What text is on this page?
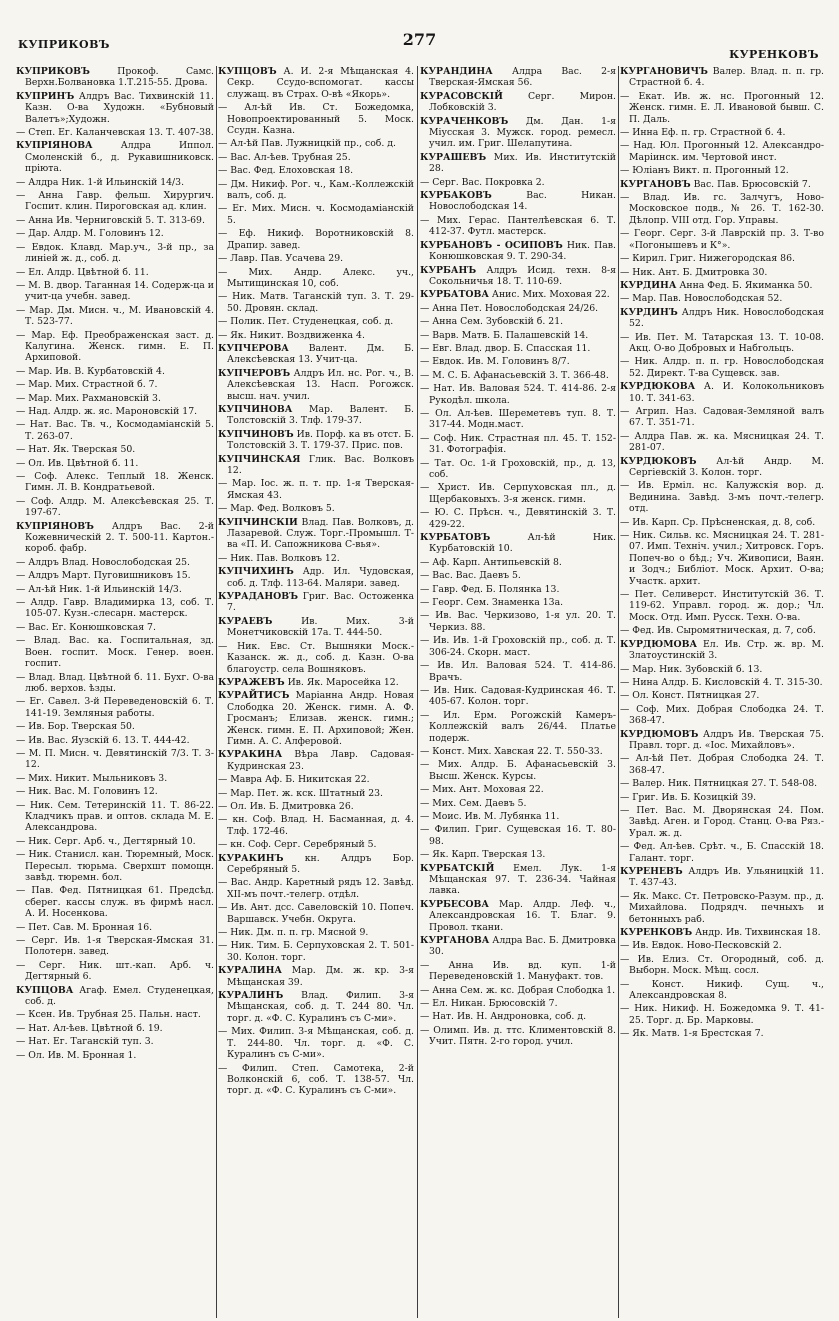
КУПРИКОВЪ	277
КУРЕНКОВЪ
КУПРИКОВЪ Прокоф. Самс. Верхн.Болвановка 1.Т.215-55. Дрова.
КУПРИНЪ Алдръ Вас. Тихвинскій 11. Казн. О-ва Художн. «Бубновый Валетъ»;Художн.
— Степ. Ег. Каланчевская 13. Т. 407-38.
КУПРІЯНОВА Алдра Иппол. Смоленскій б., д. Рукавишниковск. пріюта.
— Алдра Ник. 1-й Ильинскій 14/3.
— Анна Гавр. фельш. Хирургич. Госпит. клин. Пироговская ад. клин.
— Анна Ив. Черниговскій 5. Т. 313-69.
— Дар. Алдр. М. Головинъ 12.
— Евдок. Клавд. Мар.уч., 3-й пр., за линіей ж. д., соб. д.
— Ел. Алдр. Цвѣтной б. 11.
— М. В. двор. Таганная 14. Содерж-ца и учит-ца учебн. завед.
— Мар. Дм. Мисн. ч., М. Ивановскій 4. Т. 523-77.
— Мар. Еф. Преображенская заст. д. Калугина. Женск. гимн. Е. П. Архиповой.
— Мар. Ив. В. Курбатовскій 4.
— Мар. Мих. Страстной б. 7.
— Мар. Мих. Рахмановскій 3.
— Над. Алдр. ж. яс. Мароновскій 17.
— Нат. Вас. Тв. ч., Космодаміанскій 5. Т. 263-07.
— Нат. Як. Тверская 50.
— Ол. Ив. Цвѣтной б. 11.
— Соф. Алекс. Теплый 18. Женск. Гимн. Л. В. Кондратьевой.
— Соф. Алдр. М. Алексѣевская 25. Т. 197-67.
КУПРІЯНОВЪ Алдръ Вас. 2-й Кожевническій 2. Т. 500-11. Картон.-короб. фабр.
— Алдръ Влад. Новослободская 25.
— Алдръ Март. Пуговишниковъ 15.
— Ал-ѣй Ник. 1-й Ильинскій 14/3.
— Алдр. Гавр. Владимирка 13, соб. Т. 105-07. Кузн.-слесарн. мастерск.
— Вас. Ег. Конюшковская 7.
— Влад. Вас. ка. Госпитальная, зд. Воен. госпит. Моск. Генер. воен. госпит.
— Влад. Влад. Цвѣтной б. 11. Бухг. О-ва люб. верхов. ѣзды.
— Ег. Савел. 3-й Переведеновскій 6. Т. 141-19. Земляныя работы.
— Ив. Бор. Тверская 50.
— Ив. Вас. Яузскій 6. 13. Т. 444-42.
— М. П. Мисн. ч. Девятинскій 7/3. Т. 3-12.
— Мих. Никит. Мыльниковъ 3.
— Ник. Вас. М. Головинъ 12.
— Ник. Сем. Тетеринскій 11. Т. 86-22. Кладчикъ прав. и оптов. склада М. Е. Александрова.
— Ник. Серг. Арб. ч., Дегтярный 10.
— Ник. Станисл. кан. Тюремный, Моск. Пересыл. тюрьма. Сверхшт помощн. завѣд. тюремн. бол.
— Пав. Фед. Пятницкая 61. Предсѣд. сберег. кассы служ. въ фирмѣ насл. А. И. Носенкова.
— Пет. Сав. М. Бронная 16.
— Серг. Ив. 1-я Тверская-Ямская 31. Полотерн. завед.
— Серг. Ник. шт.-кап. Арб. ч. Дегтярный 6.
КУПЦОВА Агаф. Емел. Студенецкая, соб. д.
— Ксен. Ив. Трубная 25. Пальн. наст.
— Нат. Ал-ѣев. Цвѣтной б. 19.
— Нат. Ег. Таганскій туп. 3.
— Ол. Ив. М. Бронная 1.
КУПЦОВЪ А. И. 2-я Мѣщанская 4. Секр. Ссудо-вспомогат. кассы служащ. въ Страх. О-вѣ «Якорь».
— Ал-ѣй Ив. Ст. Божедомка, Новопроектированный 5. Моск. Ссудн. Казна.
— Ал-ѣй Пав. Лужницкій пр., соб. д.
— Вас. Ал-ѣев. Трубная 25.
— Вас. Фед. Елоховская 18.
— Дм. Никиф. Рог. ч., Кам.-Коллежскій валъ, соб. д.
— Ег. Мих. Мисн. ч. Космодаміанскій 5.
— Еф. Никиф. Воротниковскій 8. Драпир. завед.
— Лавр. Пав. Усачева 29.
— Мих. Андр. Алекс. уч., Мытищинская 10, соб.
— Ник. Матв. Таганскій туп. 3. Т. 29-50. Дровян. склад.
— Полик. Пет. Студенецкая, соб. д.
— Як. Никит. Воздвиженка 4.
КУПЧЕРОВА Валент. Дм. Б. Алексѣевская 13. Учит-ца.
КУПЧЕРОВЪ Алдръ Ил. нс. Рог. ч., В. Алексѣевская 13. Насп. Рогожск. высш. нач. учил.
КУПЧИНОВА Мар. Валент. Б. Толстовскій 3. Тлф. 179-37.
КУПЧИНОВЪ Ив. Порф. ка въ отст. Б. Толстовскій 3. Т. 179-37. Прис. пов.
КУПЧИНСКАЯ Глик. Вас. Волковъ 12.
— Мар. Іос. ж. п. т. пр. 1-я Тверская-Ямская 43.
— Мар. Фед. Волковъ 5.
КУПЧИНСКІИ Влад. Пав. Волковъ, д. Лазаревой. Служ. Торг.-Промышл. Т-ва «П. И. Сапожникова С-вья».
— Ник. Пав. Волковъ 12.
КУПЧИХИНЪ Адр. Ил. Чудовская, соб. д. Тлф. 113-64. Маляри. завед.
КУРАДАНОВЪ Григ. Вас. Остоженка 7.
КУРАЕВЪ Ив. Мих. 3-й Монетчиковскій 17а. Т. 444-50.
— Ник. Евс. Ст. Вышняки Моск.-Казанск. ж. д., соб. д. Казн. О-ва благоустр. села Вошняковъ.
КУРАЖЕВЪ Ив. Як. Маросейка 12.
КУРАЙТИСЪ Маріанна Андр. Новая Слободка 20. Женск. гимн. А. Ф. Гросманъ; Елизав. женск. гимн.; Женск. гимн. Е. П. Архиповой; Жен. Гимн. А. С. Алферовой.
КУРАКИНА Вѣра Лавр. Садовая-Кудринская 23.
— Мавра Аф. Б. Никитская 22.
— Мар. Пет. ж. кск. Штатный 23.
— Ол. Ив. Б. Дмитровка 26.
— кн. Соф. Влад. Н. Басманная, д. 4. Тлф. 172-46.
— кн. Соф. Серг. Серебряный 5.
КУРАКИНЪ кн. Алдръ Бор. Серебряный 5.
— Вас. Андр. Каретный рядъ 12. Завѣд. XII-мъ почт.-телегр. отдѣл.
— Ив. Ант. дсс. Савеловскій 10. Попеч. Варшавск. Учебн. Округа.
— Ник. Дм. п. п. гр. Мясной 9.
— Ник. Тим. Б. Серпуховская 2. Т. 501-30. Колон. торг.
КУРАЛИНА Мар. Дм. ж. кр. 3-я Мѣщанская 39.
КУРАЛИНЪ Влад. Филип. 3-я Мѣщанская, соб. д. Т. 244 80. Чл. торг. д. «Ф. С. Куралинъ съ С-ми».
— Мих. Филип. 3-я Мѣщанская, соб. д. Т. 244-80. Чл. торг. д. «Ф. С. Куралинъ съ С-ми».
— Филип. Степ. Самотека, 2-й Волконскій 6, соб. Т. 138-57. Чл. торг. д. «Ф. С. Куралинъ съ С-ми».
КУРАНДИНА Алдра Вас. 2-я Тверская-Ямская 56.
КУРАСОВСКІЙ Серг. Мирон. Лобковскій 3.
КУРАЧЕНКОВЪ Дм. Дан. 1-я Міусская 3. Мужск. город. ремесл. учил. им. Григ. Шелапутина.
КУРАШЕВЪ Мих. Ив. Институтскій 28.
— Серг. Вас. Покровка 2.
КУРБАКОВЪ Вас. Никан. Новослободская 14.
— Мих. Герас. Пантелѣевская 6. Т. 412-37. Футл. мастерск.
КУРБАНОВЪ - ОСИПОВЪ Ник. Пав. Конюшковская 9. Т. 290-34.
КУРБАНЪ Алдръ Исид. техн. 8-я Сокольничья 18. Т. 110-69.
КУРБАТОВА Анис. Мих. Моховая 22.
— Анна Пет. Новослободская 24/26.
— Анна Сем. Зубовскій б. 21.
— Варв. Матв. Б. Палашевскій 14.
— Евг. Влад. двор. Б. Спасская 11.
— Евдок. Ив. М. Головинъ 8/7.
— М. С. Б. Афанасьевскій 3. Т. 366-48.
— Нат. Ив. Валовая 524. Т. 414-86. 2-я Рукодѣл. школа.
— Ол. Ал-ѣев. Шереметевъ туп. 8. Т. 317-44. Модн.маст.
— Соф. Ник. Страстная пл. 45. Т. 152-31. Фотографія.
— Тат. Ос. 1-й Гроховскій, пр., д. 13, соб.
— Христ. Ив. Серпуховская пл., д. Щербаковыхъ. 3-я женск. гимн.
— Ю. С. Прѣсн. ч., Девятинскій 3. Т. 429-22.
КУРБАТОВЪ Ал-ѣй Ник. Курбатовскій 10.
— Аф. Карп. Антипьевскій 8.
— Вас. Вас. Даевъ 5.
— Гавр. Фед. Б. Полянка 13.
— Георг. Сем. Знаменка 13а.
— Ив. Вас. Черкизово, 1-я ул. 20. Т. Черкиз. 88.
— Ив. Ив. 1-й Гроховскій пр., соб. д. Т. 306-24. Скорн. маст.
— Ив. Ил. Валовая 524. Т. 414-86. Врачъ.
— Ив. Ник. Садовая-Кудринская 46. Т. 405-67. Колон. торг.
— Ил. Ерм. Рогожскій Камеръ-Коллежскій валъ 26/44. Платье подерж.
— Конст. Мих. Хавская 22. Т. 550-33.
— Мих. Алдр. Б. Афанасьевскій 3. Высш. Женск. Курсы.
— Мих. Ант. Моховая 22.
— Мих. Сем. Даевъ 5.
— Моис. Ив. М. Лубянка 11.
— Филип. Григ. Сущевская 16. Т. 80-98.
— Як. Карп. Тверская 13.
КУРБАТСКІЙ Емел. Лук. 1-я Мѣщанская 97. Т. 236-34. Чайная лавка.
КУРБЕСОВА Мар. Алдр. Леф. ч., Александровская 16. Т. Благ. 9. Провол. ткани.
КУРГАНОВА Алдра Вас. Б. Дмитровка 30.
— Анна Ив. вд. куп. 1-й Переведеновскій 1. Мануфакт. тов.
— Анна Сем. ж. кс. Добрая Слободка 1.
— Ел. Никан. Брюсовскій 7.
— Нат. Ив. Н. Андроновка, соб. д.
— Олимп. Ив. д. ттс. Климентовскій 8. Учит. Пятн. 2-го город. учил.
КУРГАНОВИЧЪ Валер. Влад. п. п. гр. Страстной б. 4.
— Екат. Ив. ж. нс. Прогонный 12. Женск. гимн. Е. Л. Ивановой бывш. С. П. Даль.
— Инна Еф. п. гр. Страстной б. 4.
— Над. Юл. Прогонный 12. Александро-Маріинск. им. Чертовой инст.
— Юліанъ Викт. п. Прогонный 12.
КУРГАНОВЪ Вас. Пав. Брюсовскій 7.
— Влад. Ив. гс. Залчугъ, Ново-Московское подв., № 26. Т. 162-30. Дѣлопр. VIII отд. Гор. Управы.
— Георг. Серг. 3-й Лаврскій пр. 3. Т-во «Погонышевъ и К°».
— Кирил. Григ. Нижегородская 86.
— Ник. Ант. Б. Дмитровка 30.
КУРДИНА Анна Фед. Б. Якиманка 50.
— Мар. Пав. Новослободская 52.
КУРДИНЪ Алдръ Ник. Новослободская 52.
— Ив. Пет. М. Татарская 13. Т. 10-08. Акц. О-во Добровых и Набгольцъ.
— Ник. Алдр. п. п. гр. Новослободская 52. Директ. Т-ва Сущевск. зав.
КУРДЮКОВА А. И. Колокольниковъ 10. Т. 341-63.
— Агрип. Наз. Садовая-Земляной валъ 67. Т. 351-71.
— Алдра Пав. ж. ка. Мясницкая 24. Т. 281-07.
КУРДЮКОВЪ Ал-ѣй Андр. М. Сергіевскій 3. Колон. торг.
— Ив. Ерміл. нс. Калужскія вор. д. Вединина. Завѣд. 3-мъ почт.-телегр. отд.
— Ив. Карп. Ср. Прѣсненская, д. 8, соб.
— Ник. Сильв. кс. Мясницкая 24. Т. 281-07. Имп. Техніч. учил.; Хитровск. Горъ. Попеч-во о бѣд.; Уч. Живописи, Ваян. и Зодч.; Библіот. Моск. Архит. О-ва; Участк. архит.
— Пет. Селиверст. Институтскій 36. Т. 119-62. Управл. город. ж. дор.; Чл. Моск. Отд. Имп. Русск. Техн. О-ва.
— Фед. Ив. Сыромятническая, д. 7, соб.
КУРДЮМОВА Ел. Ив. Стр. ж. вр. М. Златоустинскій 3.
— Мар. Ник. Зубовскій б. 13.
— Нина Алдр. Б. Кисловскій 4. Т. 315-30.
— Ол. Конст. Пятницкая 27.
— Соф. Мих. Добрая Слободка 24. Т. 368-47.
КУРДЮМОВЪ Алдръ Ив. Тверская 75. Правл. торг. д. «Іос. Михайловъ».
— Ал-ѣй Пет. Добрая Слободка 24. Т. 368-47.
— Валер. Ник. Пятницкая 27. Т. 548-08.
— Григ. Ив. Б. Козицкій 39.
— Пет. Вас. М. Дворянская 24. Пом. Завѣд. Аген. и Город. Станц. О-ва Ряз.-Урал. ж. д.
— Фед. Ал-ѣев. Срѣт. ч., Б. Спасскій 18. Галант. торг.
КУРЕНЕВЪ Алдръ Ив. Ульяницкій 11. Т. 437-43.
— Як. Макс. Ст. Петровско-Разум. пр., д. Михайлова. Подрядч. печныхъ и бетонныхъ раб.
КУРЕНКОВЪ Андр. Ив. Тихвинская 18.
— Ив. Евдок. Ново-Песковскій 2.
— Ив. Елиз. Ст. Огородный, соб. д. Выборн. Моск. Мѣщ. сосл.
— Конст. Никиф. Сущ. ч., Александровская 8.
— Ник. Никиф. Н. Божедомка 9. Т. 41-25. Торг. д. Бр. Марковы.
— Як. Матв. 1-я Брестская 7.
